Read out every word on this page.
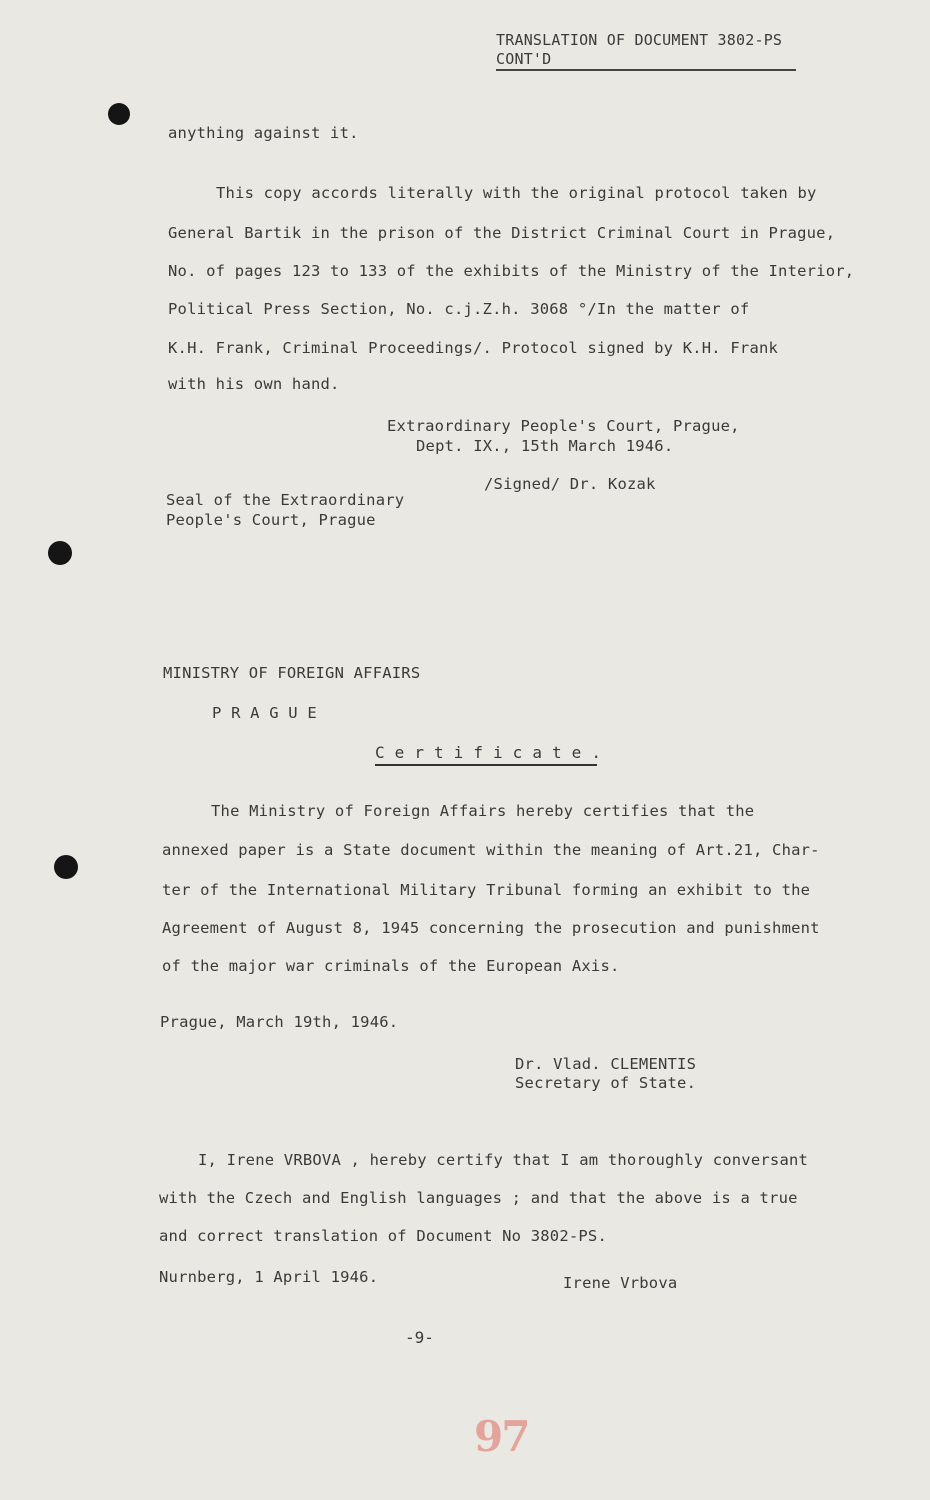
TRANSLATION OF DOCUMENT 3802-PS
CONT'D
anything against it.
This copy accords literally with the original protocol taken by
General Bartik in the prison of the District Criminal Court in Prague,
No. of pages 123 to 133 of the exhibits of the Ministry of the Interior,
Political Press Section, No. c.j.Z.h. 3068 °/In the matter of
K.H. Frank, Criminal Proceedings/. Protocol signed by K.H. Frank
with his own hand.
Extraordinary People's Court, Prague,
Dept. IX., 15th March 1946.
/Signed/ Dr. Kozak
Seal of the Extraordinary
People's Court, Prague
MINISTRY OF FOREIGN AFFAIRS
P R A G U E
C e r t i f i c a t e .
The Ministry of Foreign Affairs hereby certifies that the
annexed paper is a State document within the meaning of Art.21, Char-
ter of the International Military Tribunal forming an exhibit to the
Agreement of August 8, 1945 concerning the prosecution and punishment
of the major war criminals of the European Axis.
Prague, March 19th, 1946.
Dr. Vlad. CLEMENTIS
Secretary of State.
I, Irene VRBOVA , hereby certify that I am thoroughly conversant
with the Czech and English languages ; and that the above is a true
and correct translation of Document No 3802-PS.
Nurnberg, 1 April 1946.	Irene Vrbova
-9-
97
